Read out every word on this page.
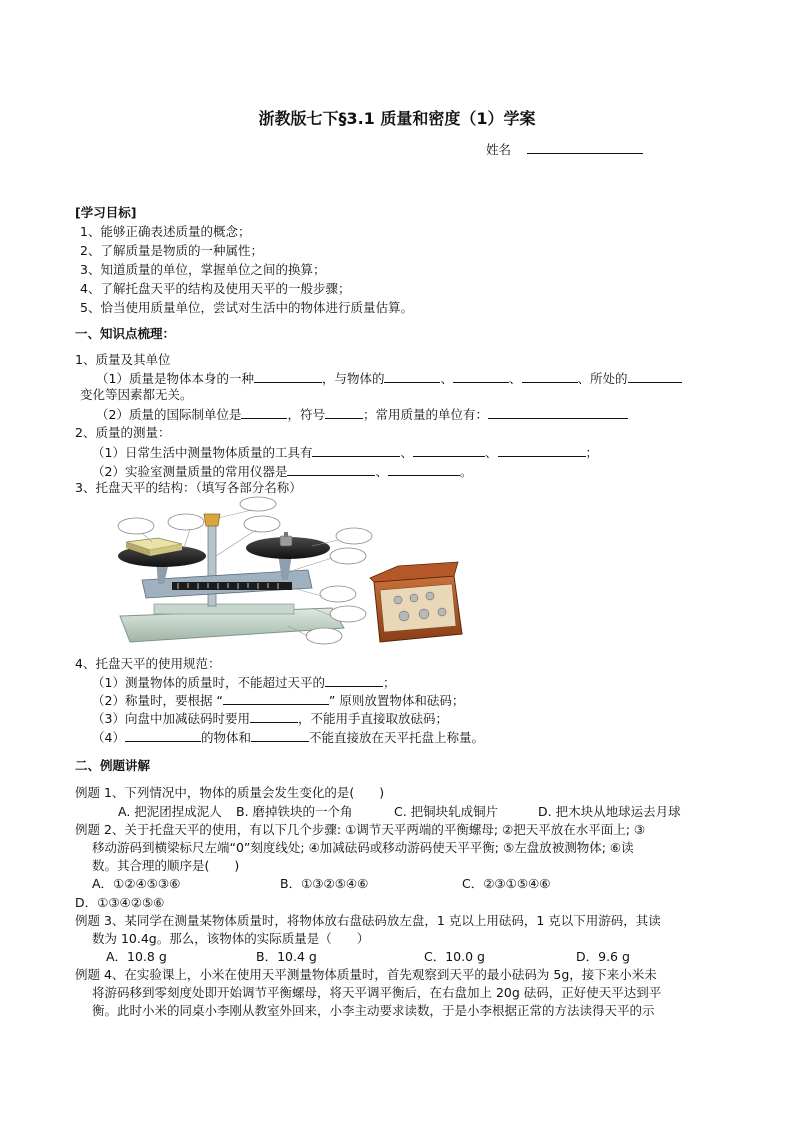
浙教版七下§3.1 质量和密度（1）学案
姓名
[学习目标]
1、能够正确表述质量的概念；
2、了解质量是物质的一种属性；
3、知道质量的单位，掌握单位之间的换算；
4、了解托盘天平的结构及使用天平的一般步骤；
5、恰当使用质量单位，尝试对生活中的物体进行质量估算。
一、知识点梳理：
1、质量及其单位
（1）质量是物体本身的一种	，与物体的	、	、	、所处的
变化等因素都无关。
（2）质量的国际制单位是	，符号	；常用质量的单位有：
2、质量的测量：
（1）日常生活中测量物体质量的工具有	、	、	；
（2）实验室测量质量的常用仪器是	、	。
3、托盘天平的结构：（填写各部分名称）
4、托盘天平的使用规范：
（1）测量物体的质量时，不能超过天平的	；
（2）称量时，要根据 “	” 原则放置物体和砝码；
（3）向盘中加减砝码时要用	，不能用手直接取放砝码；
（4）	的物体和	不能直接放在天平托盘上称量。
二、例题讲解
例题 1、下列情况中，物体的质量会发生变化的是(　　)
A. 把泥团捏成泥人 B. 磨掉铁块的一个角	C. 把铜块轧成铜片	D. 把木块从地球运去月球
例题 2、关于托盘天平的使用，有以下几个步骤: ①调节天平两端的平衡螺母; ②把天平放在水平面上; ③
移动游码到横梁标尺左端“0”刻度线处; ④加减砝码或移动游码使天平平衡; ⑤左盘放被测物体; ⑥读
数。其合理的顺序是(　　)
A．①②④⑤③⑥	B．①③②⑤④⑥	C．②③①⑤④⑥
D．①③④②⑤⑥
例题 3、某同学在测量某物体质量时，将物体放右盘砝码放左盘，1 克以上用砝码，1 克以下用游码，其读
数为 10.4g。那么，该物体的实际质量是（　　）
A．10.8 g	B．10.4 g	C．10.0 g	D．9.6 g
例题 4、在实验课上，小米在使用天平测量物体质量时，首先观察到天平的最小砝码为 5g，接下来小米未
将游码移到零刻度处即开始调节平衡螺母，将天平调平衡后，在右盘加上 20g 砝码，正好使天平达到平
衡。此时小米的同桌小李刚从教室外回来，小李主动要求读数，于是小李根据正常的方法读得天平的示
